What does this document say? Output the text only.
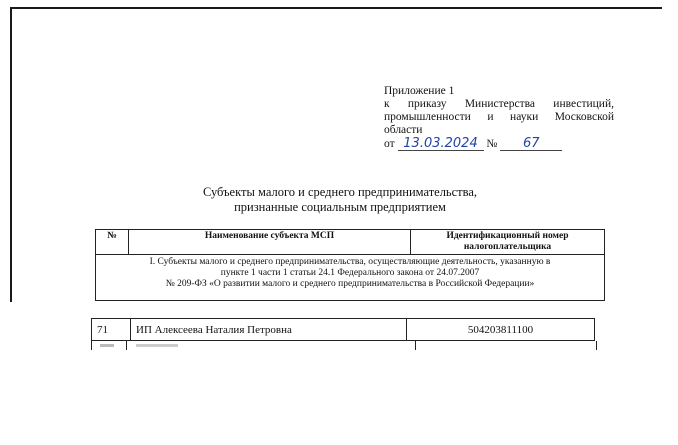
Приложение 1
к приказу Министерства инвестиций,
промышленности и науки Московской
области
от 13.03.2024 № 67
Субъекты малого и среднего предпринимательства,
признанные социальным предприятием
№	Наименование субъекта МСП	Идентификационный номер налогоплательщика

I. Субъекты малого и среднего предпринимательства, осуществляющие деятельность, указанную в
пункте 1 части 1 статьи 24.1 Федерального закона от 24.07.2007
№ 209-ФЗ «О развитии малого и среднего предпринимательства в Российской Федерации»
71	ИП Алексеева Наталия Петровна	504203811100
